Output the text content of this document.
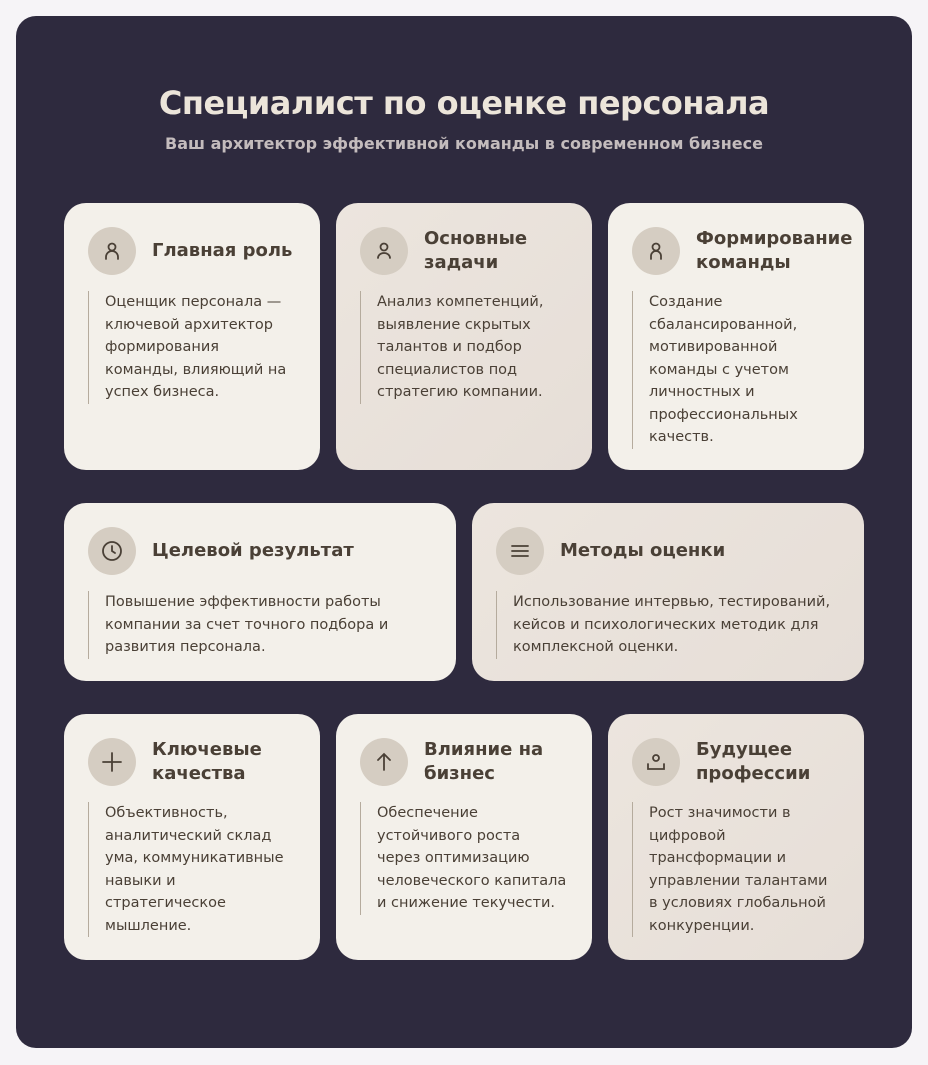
Специалист по оценке персонала
Ваш архитектор эффективной команды в современном бизнесе
Главная роль
Оценщик персонала — ключевой архитектор формирования команды, влияющий на успех бизнеса.
Основные задачи
Анализ компетенций, выявление скрытых талантов и подбор специалистов под стратегию компании.
Формирование команды
Создание сбалансированной, мотивированной команды с учетом личностных и профессиональных качеств.
Целевой результат
Повышение эффективности работы компании за счет точного подбора и развития персонала.
Методы оценки
Использование интервью, тестирований, кейсов и психологических методик для комплексной оценки.
Ключевые качества
Объективность, аналитический склад ума, коммуникативные навыки и стратегическое мышление.
Влияние на бизнес
Обеспечение устойчивого роста через оптимизацию человеческого капитала и снижение текучести.
Будущее профессии
Рост значимости в цифровой трансформации и управлении талантами в условиях глобальной конкуренции.
